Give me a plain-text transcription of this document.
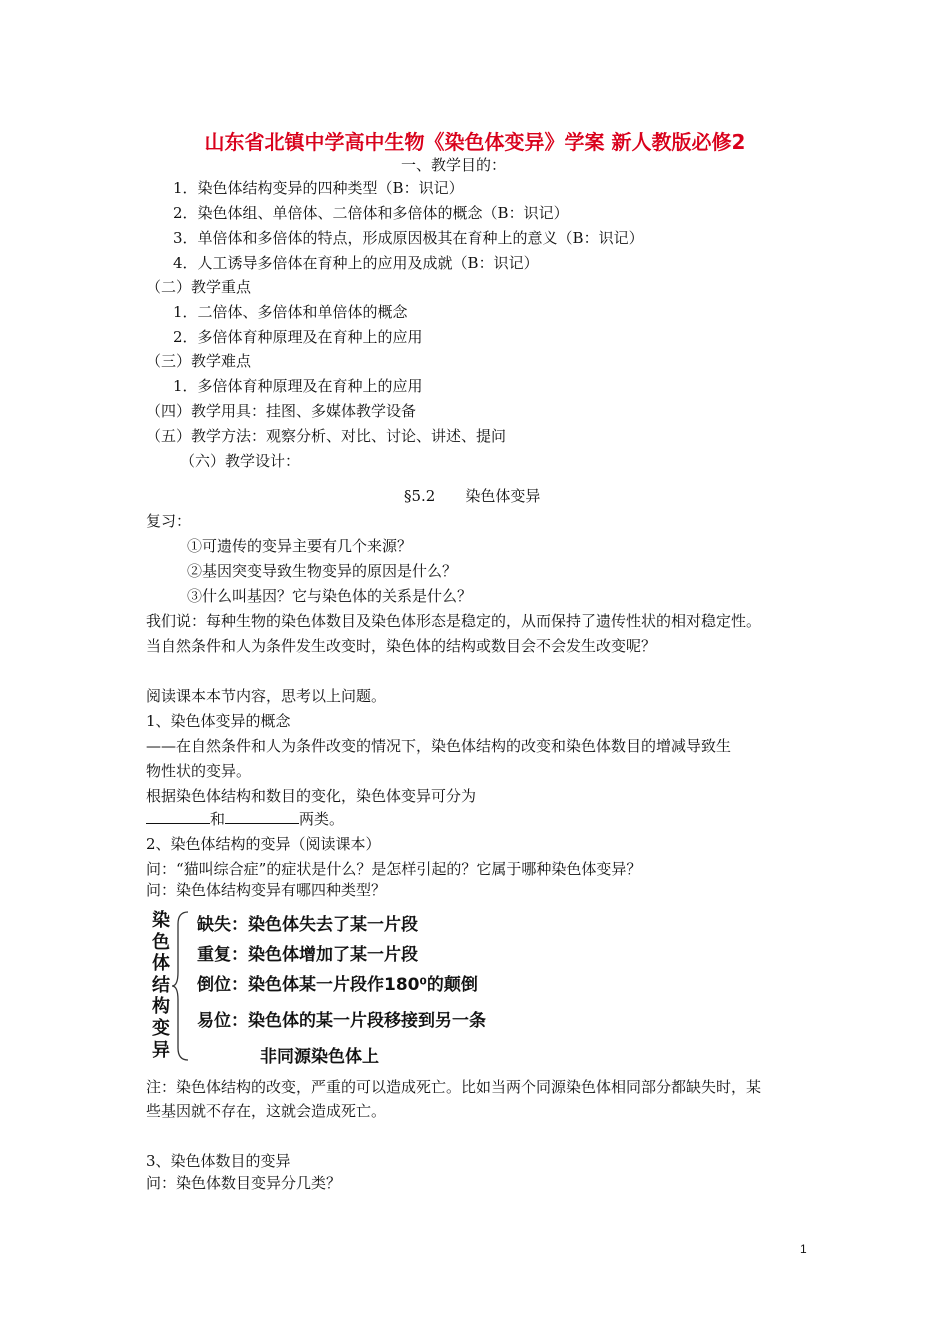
山东省北镇中学高中生物《染色体变异》学案 新人教版必修2
一、教学目的：
1．染色体结构变异的四种类型（B：识记）
2．染色体组、单倍体、二倍体和多倍体的概念（B：识记）
3．单倍体和多倍体的特点，形成原因极其在育种上的意义（B：识记）
4．人工诱导多倍体在育种上的应用及成就（B：识记）
（二）教学重点
1．二倍体、多倍体和单倍体的概念
2．多倍体育种原理及在育种上的应用
（三）教学难点
1．多倍体育种原理及在育种上的应用
（四）教学用具：挂图、多媒体教学设备
（五）教学方法：观察分析、对比、讨论、讲述、提问
（六）教学设计：
§5.2　　染色体变异
复习：
①可遗传的变异主要有几个来源？
②基因突变导致生物变异的原因是什么？
③什么叫基因？它与染色体的关系是什么？
我们说：每种生物的染色体数目及染色体形态是稳定的，从而保持了遗传性状的相对稳定性。
当自然条件和人为条件发生改变时，染色体的结构或数目会不会发生改变呢？
阅读课本本节内容，思考以上问题。
1、染色体变异的概念
——在自然条件和人为条件改变的情况下，染色体结构的改变和染色体数目的增减导致生
物性状的变异。
根据染色体结构和数目的变化，染色体变异可分为
和	两类。
2、染色体结构的变异（阅读课本）
问：“猫叫综合症”的症状是什么？是怎样引起的？它属于哪种染色体变异？
问：染色体结构变异有哪四种类型？
染
色
体
结
构
变
异
缺失：染色体失去了某一片段
重复：染色体增加了某一片段
倒位：染色体某一片段作180⁰的颠倒
易位：染色体的某一片段移接到另一条
非同源染色体上
注：染色体结构的改变，严重的可以造成死亡。比如当两个同源染色体相同部分都缺失时，某
些基因就不存在，这就会造成死亡。
3、染色体数目的变异
问：染色体数目变异分几类？
1
